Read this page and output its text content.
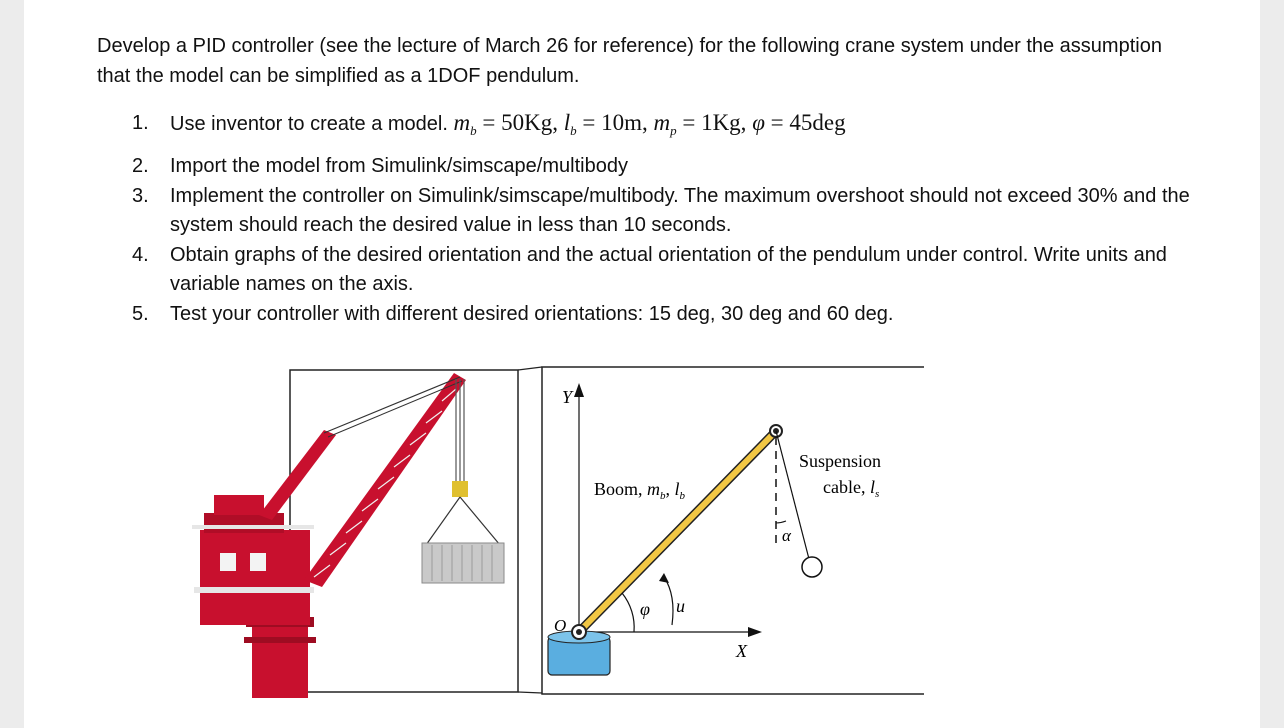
Develop a PID controller (see the lecture of March 26 for reference) for the following crane system under the assumption that the model can be simplified as a 1DOF pendulum.

1.	Use inventor to create a model. $m_b = 50Kg$, $l_b = 10m$, $m_p = 1Kg$, φ = 45deg
2.	Import the model from Simulink/simscape/multibody
3.	Implement the controller on Simulink/simscape/multibody. The maximum overshoot should not exceed 30% and the system should reach the desired value in less than 10 seconds.
4.	Obtain graphs of the desired orientation and the actual orientation of the pendulum under control. Write units and variable names on the axis.
5.	Test your controller with different desired orientations: 15 deg, 30 deg and 60 deg.
Y
X
O
Boom, $m_b$, $l_b$
φ u
α
Suspension
cable, $l_s$
